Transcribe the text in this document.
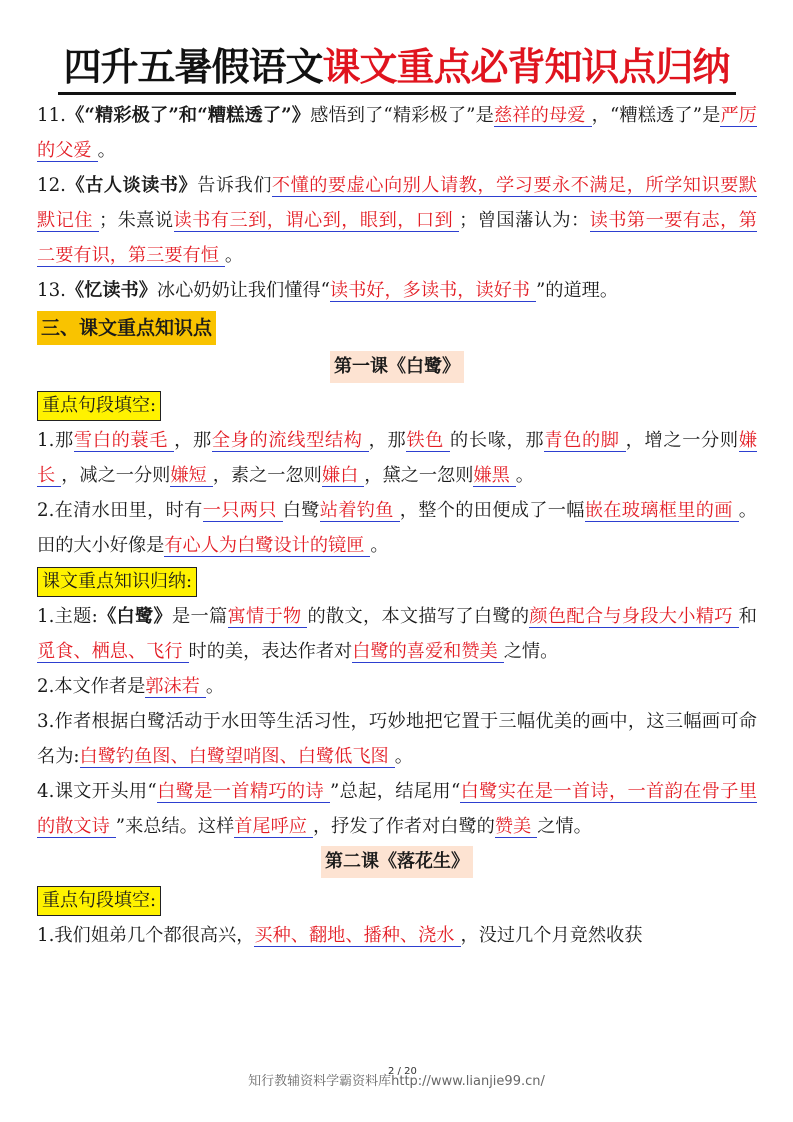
四升五暑假语文课文重点必背知识点归纳

11.《“精彩极了”和“糟糕透了”》感悟到了“精彩极了”是慈祥的母爱 ，“糟糕透了”是严厉的父爱 。

12.《古人谈读书》告诉我们不懂的要虚心向别人请教，学习要永不满足，所学知识要默默记住 ；朱熹说读书有三到，谓心到，眼到，口到 ；曾国藩认为：读书第一要有志，第二要有识，第三要有恒 。

13.《忆读书》冰心奶奶让我们懂得“读书好，多读书，读好书 ”的道理。

三、课文重点知识点
第一课《白鹭》
重点句段填空:

1.那雪白的蓑毛 ，那全身的流线型结构 ，那铁色 的长喙，那青色的脚 ，增之一分则嫌长 ，减之一分则嫌短 ，素之一忽则嫌白 ，黛之一忽则嫌黑 。

2.在清水田里，时有一只两只 白鹭站着钓鱼 ，整个的田便成了一幅嵌在玻璃框里的画 。田的大小好像是有心人为白鹭设计的镜匣 。

课文重点知识归纳:

1.主题:《白鹭》是一篇寓情于物 的散文，本文描写了白鹭的颜色配合与身段大小精巧 和觅食、栖息、飞行 时的美，表达作者对白鹭的喜爱和赞美 之情。

2.本文作者是郭沫若 。

3.作者根据白鹭活动于水田等生活习性，巧妙地把它置于三幅优美的画中，这三幅画可命名为:白鹭钓鱼图、白鹭望哨图、白鹭低飞图 。

4.课文开头用“白鹭是一首精巧的诗 ”总起，结尾用“白鹭实在是一首诗，一首韵在骨子里的散文诗 ”来总结。这样首尾呼应 ，抒发了作者对白鹭的赞美 之情。

第二课《落花生》
重点句段填空:

1.我们姐弟几个都很高兴，买种、翻地、播种、浇水 ，没过几个月竟然收获

知行教辅资料学霸资料库http://www.lianjie99.cn/
2 / 20
